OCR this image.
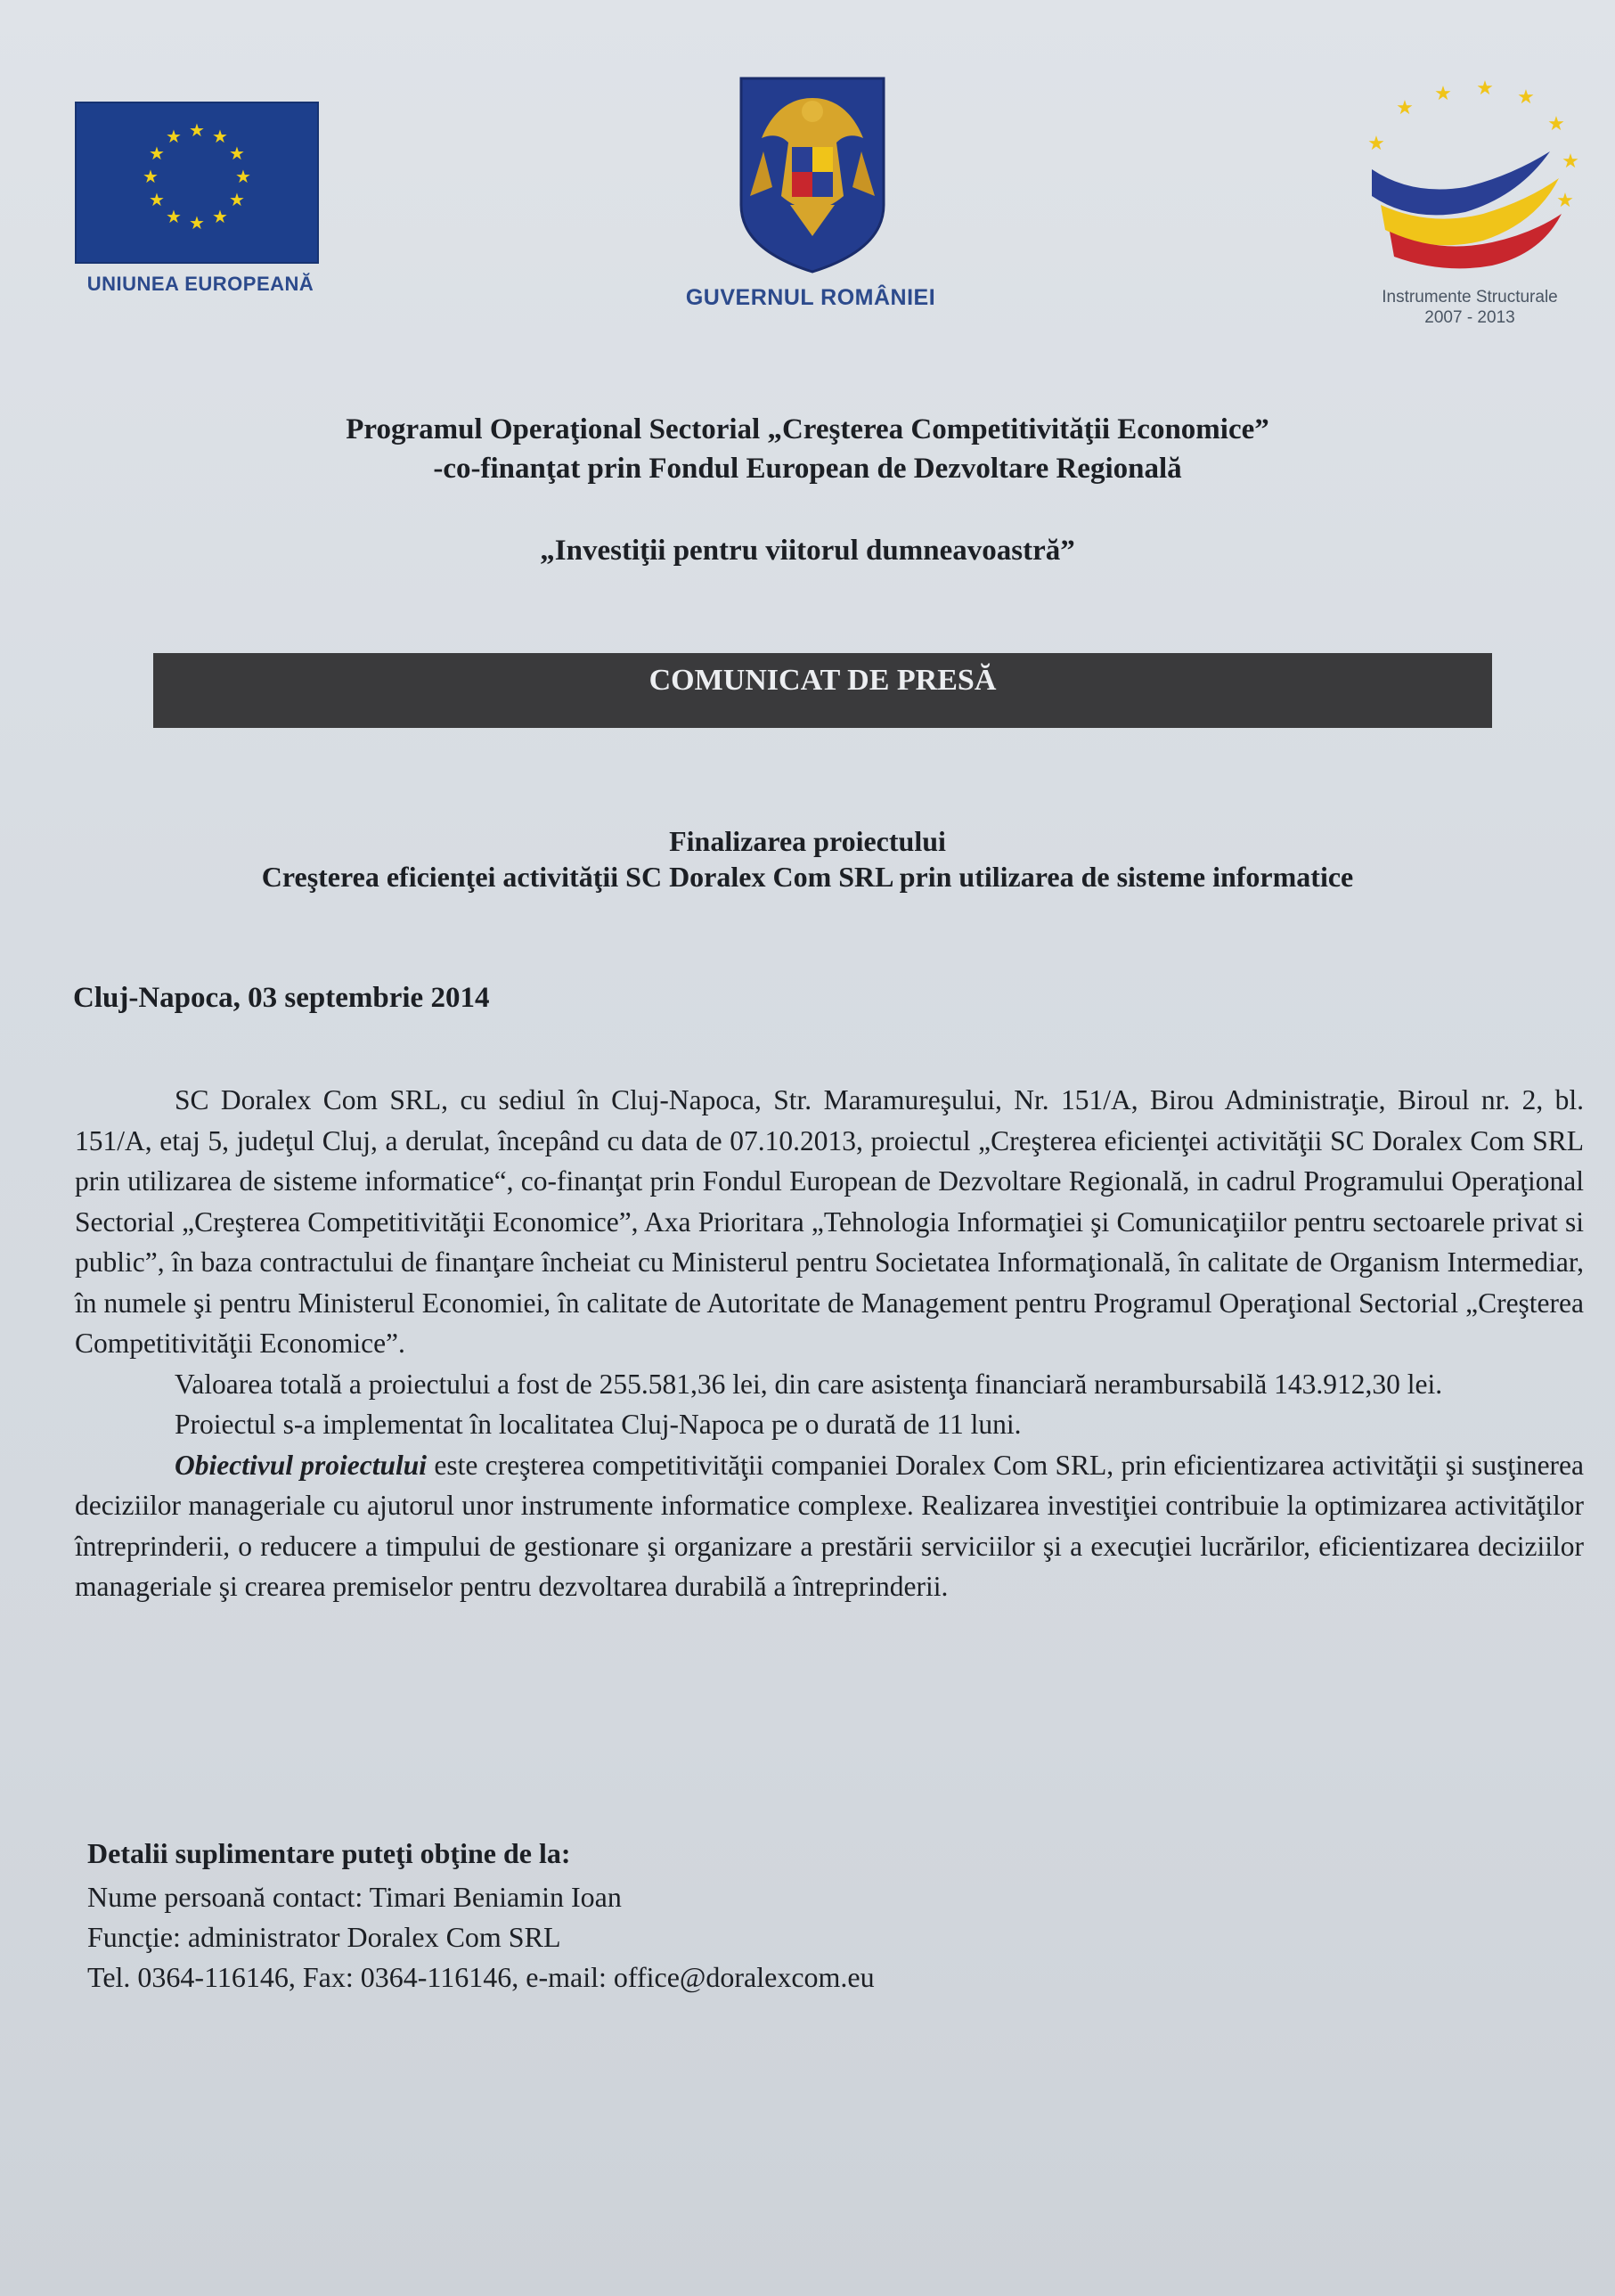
★ ★
★
★
★
★
★
★
★
★
★
★
UNIUNEA EUROPEANĂ
GUVERNUL ROMÂNIEI
★
★ ★ ★
★
★
★
★
Instrumente Structurale
2007 - 2013
Programul Operaţional Sectorial „Creşterea Competitivităţii Economice”
-co-finanţat prin Fondul European de Dezvoltare Regională
„Investiţii pentru viitorul dumneavoastră”
COMUNICAT DE PRESĂ
Finalizarea proiectului
Creşterea eficienţei activităţii SC Doralex Com SRL prin utilizarea de sisteme informatice
Cluj-Napoca, 03 septembrie 2014

SC Doralex Com SRL, cu sediul în Cluj-Napoca, Str. Maramureşului, Nr. 151/A, Birou Administraţie, Biroul nr. 2, bl. 151/A, etaj 5, judeţul Cluj, a derulat, începând cu data de 07.10.2013, proiectul „Creşterea eficienţei activităţii SC Doralex Com SRL prin utilizarea de sisteme informatice“, co-finanţat prin Fondul European de Dezvoltare Regională, in cadrul Programului Operaţional Sectorial „Creşterea Competitivităţii Economice”, Axa Prioritara „Tehnologia Informaţiei şi Comunicaţiilor pentru sectoarele privat si public”, în baza contractului de finanţare încheiat cu Ministerul pentru Societatea Informaţională, în calitate de Organism Intermediar, în numele şi pentru Ministerul Economiei, în calitate de Autoritate de Management pentru Programul Operaţional Sectorial „Creşterea Competitivităţii Economice”.

Valoarea totală a proiectului a fost de 255.581,36 lei, din care asistenţa financiară nerambursabilă 143.912,30 lei.

Proiectul s-a implementat în localitatea Cluj-Napoca pe o durată de 11 luni.

Obiectivul proiectului este creşterea competitivităţii companiei Doralex Com SRL, prin eficientizarea activităţii şi susţinerea deciziilor manageriale cu ajutorul unor instrumente informatice complexe. Realizarea investiţiei contribuie la optimizarea activităţilor întreprinderii, o reducere a timpului de gestionare şi organizare a prestării serviciilor şi a execuţiei lucrărilor, eficientizarea deciziilor manageriale şi crearea premiselor pentru dezvoltarea durabilă a întreprinderii.

Detalii suplimentare puteţi obţine de la:
Nume persoană contact: Timari Beniamin Ioan
Funcţie: administrator Doralex Com SRL
Tel. 0364-116146, Fax: 0364-116146, e-mail: office@doralexcom.eu
